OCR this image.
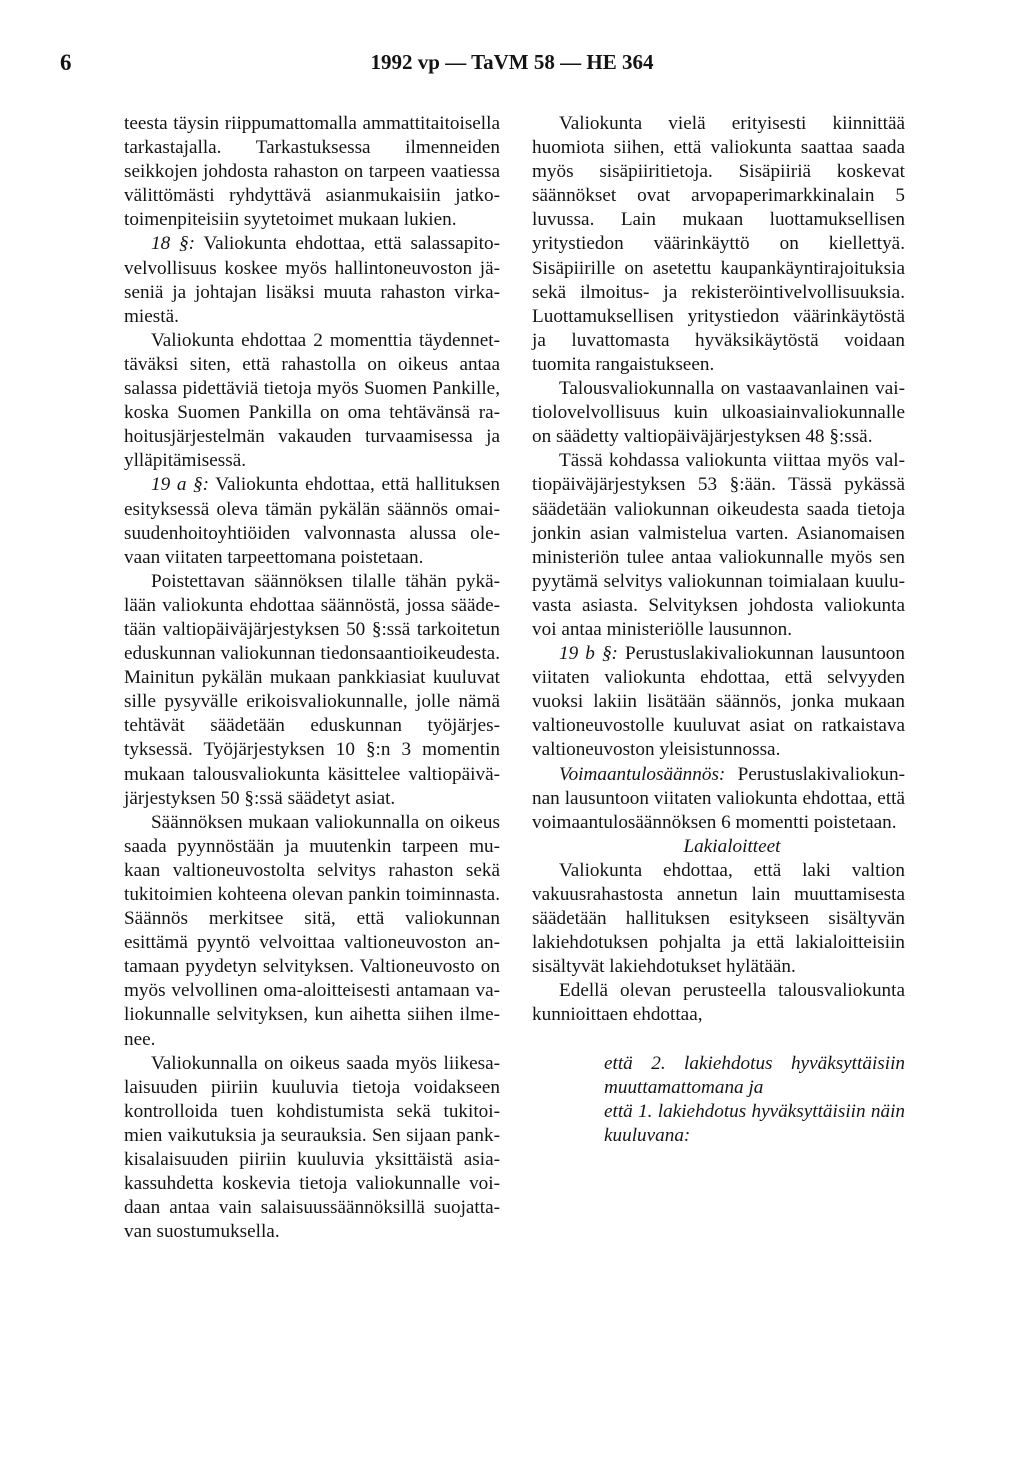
6	1992 vp — TaVM 58 — HE 364

teesta täysin riippumattomalla ammattitaitoisella tarkastajalla. Tarkastuksessa ilmenneiden seikkojen johdosta rahaston on tarpeen vaatiessa välittömästi ryhdyttävä asianmukaisiin jatkotoimenpiteisiin syytetoimet mukaan lukien.

18 §: Valiokunta ehdottaa, että salassapitovelvollisuus koskee myös hallintoneuvoston jäseniä ja johtajan lisäksi muuta rahaston virkamiestä.

Valiokunta ehdottaa 2 momenttia täydennettäväksi siten, että rahastolla on oikeus antaa salassa pidettäviä tietoja myös Suomen Pankille, koska Suomen Pankilla on oma tehtävänsä rahoitusjärjestelmän vakauden turvaamisessa ja ylläpitämisessä.

19 a §: Valiokunta ehdottaa, että hallituksen esityksessä oleva tämän pykälän säännös omaisuudenhoitoyhtiöiden valvonnasta alussa olevaan viitaten tarpeettomana poistetaan.

Poistettavan säännöksen tilalle tähän pykälään valiokunta ehdottaa säännöstä, jossa säädetään valtiopäiväjärjestyksen 50 §:ssä tarkoitetun eduskunnan valiokunnan tiedonsaantioikeudesta. Mainitun pykälän mukaan pankkiasiat kuuluvat sille pysyvälle erikoisvaliokunnalle, jolle nämä tehtävät säädetään eduskunnan työjärjestyksessä. Työjärjestyksen 10 §:n 3 momentin mukaan talousvaliokunta käsittelee valtiopäiväjärjestyksen 50 §:ssä säädetyt asiat.

Säännöksen mukaan valiokunnalla on oikeus saada pyynnöstään ja muutenkin tarpeen mukaan valtioneuvostolta selvitys rahaston sekä tukitoimien kohteena olevan pankin toiminnasta. Säännös merkitsee sitä, että valiokunnan esittämä pyyntö velvoittaa valtioneuvoston antamaan pyydetyn selvityksen. Valtioneuvosto on myös velvollinen oma-aloitteisesti antamaan valiokunnalle selvityksen, kun aihetta siihen ilmenee.

Valiokunnalla on oikeus saada myös liikesalaisuuden piiriin kuuluvia tietoja voidakseen kontrolloida tuen kohdistumista sekä tukitoimien vaikutuksia ja seurauksia. Sen sijaan pankkisalaisuuden piiriin kuuluvia yksittäistä asiakassuhdetta koskevia tietoja valiokunnalle voidaan antaa vain salaisuussäännöksillä suojattavan suostumuksella.

Valiokunta vielä erityisesti kiinnittää huomiota siihen, että valiokunta saattaa saada myös sisäpiiritietoja. Sisäpiiriä koskevat säännökset ovat arvopaperimarkkinalain 5 luvussa. Lain mukaan luottamuksellisen yritystiedon väärinkäyttö on kiellettyä. Sisäpiirille on asetettu kaupankäyntirajoituksia sekä ilmoitus- ja rekisteröintivelvollisuuksia. Luottamuksellisen yritystiedon väärinkäytöstä ja luvattomasta hyväksikäytöstä voidaan tuomita rangaistukseen.

Talousvaliokunnalla on vastaavanlainen vaitiolovelvollisuus kuin ulkoasiainvaliokunnalle on säädetty valtiopäiväjärjestyksen 48 §:ssä.

Tässä kohdassa valiokunta viittaa myös valtiopäiväjärjestyksen 53 §:ään. Tässä pykässä säädetään valiokunnan oikeudesta saada tietoja jonkin asian valmistelua varten. Asianomaisen ministeriön tulee antaa valiokunnalle myös sen pyytämä selvitys valiokunnan toimialaan kuuluvasta asiasta. Selvityksen johdosta valiokunta voi antaa ministeriölle lausunnon.

19 b §: Perustuslakivaliokunnan lausuntoon viitaten valiokunta ehdottaa, että selvyyden vuoksi lakiin lisätään säännös, jonka mukaan valtioneuvostolle kuuluvat asiat on ratkaistava valtioneuvoston yleisistunnossa.

Voimaantulosäännös: Perustuslakivaliokunnan lausuntoon viitaten valiokunta ehdottaa, että voimaantulosäännöksen 6 momentti poistetaan.

Lakialoitteet

Valiokunta ehdottaa, että laki valtion vakuusrahastosta annetun lain muuttamisesta säädetään hallituksen esitykseen sisältyvän lakiehdotuksen pohjalta ja että lakialoitteisiin sisältyvät lakiehdotukset hylätään.

Edellä olevan perusteella talousvaliokunta kunnioittaen ehdottaa,

että 2. lakiehdotus hyväksyttäisiin muuttamattomana ja

että 1. lakiehdotus hyväksyttäisiin näin kuuluvana:
